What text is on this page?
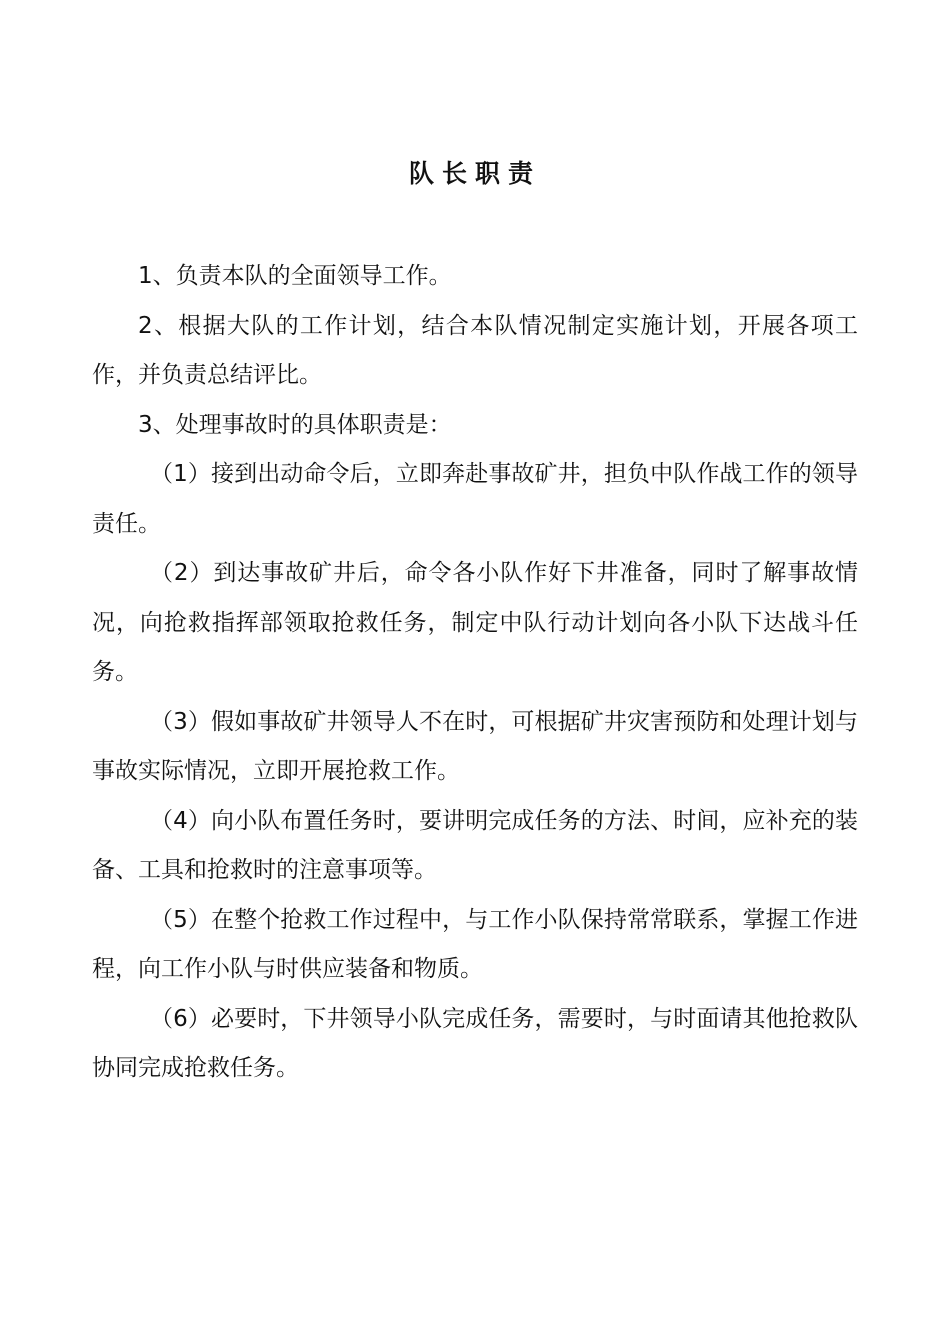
队长职责

1、负责本队的全面领导工作。

2、根据大队的工作计划，结合本队情况制定实施计划，开展各项工作，并负责总结评比。

3、处理事故时的具体职责是：

（1）接到出动命令后，立即奔赴事故矿井，担负中队作战工作的领导责任。

（2）到达事故矿井后，命令各小队作好下井准备，同时了解事故情况，向抢救指挥部领取抢救任务，制定中队行动计划向各小队下达战斗任务。

（3）假如事故矿井领导人不在时，可根据矿井灾害预防和处理计划与事故实际情况，立即开展抢救工作。

（4）向小队布置任务时，要讲明完成任务的方法、时间，应补充的装备、工具和抢救时的注意事项等。

（5）在整个抢救工作过程中，与工作小队保持常常联系，掌握工作进程，向工作小队与时供应装备和物质。

（6）必要时，下井领导小队完成任务，需要时，与时面请其他抢救队协同完成抢救任务。
